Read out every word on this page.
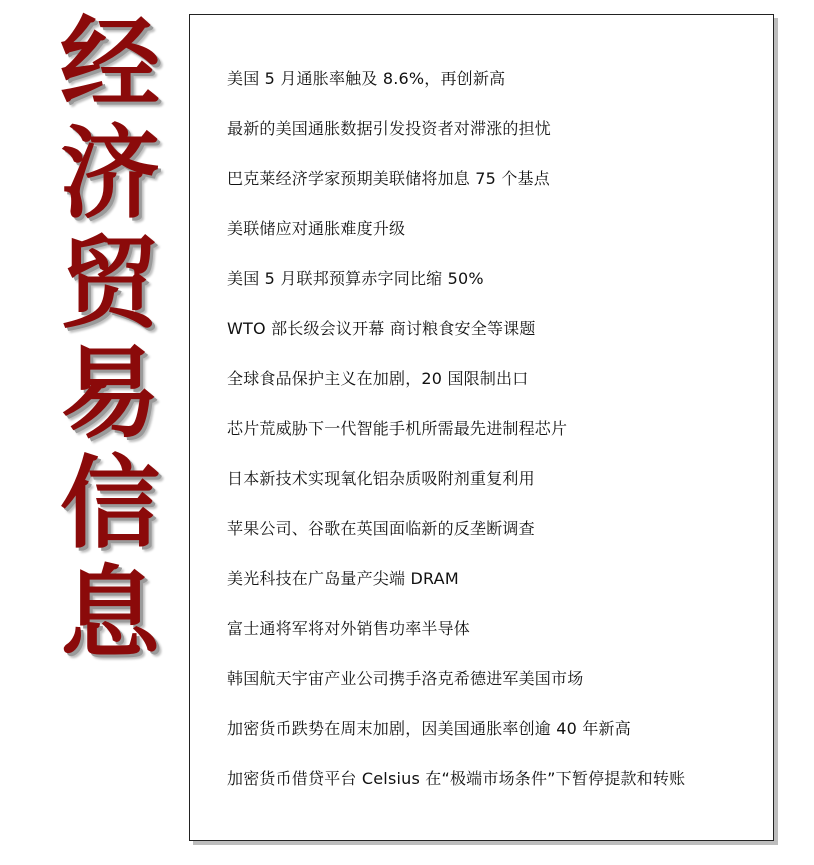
经
济
贸
易
信
息
美国 5 月通胀率触及 8.6%，再创新高
最新的美国通胀数据引发投资者对滞涨的担忧
巴克莱经济学家预期美联储将加息 75 个基点
美联储应对通胀难度升级
美国 5 月联邦预算赤字同比缩 50%
WTO 部长级会议开幕 商讨粮食安全等课题
全球食品保护主义在加剧，20 国限制出口
芯片荒威胁下一代智能手机所需最先进制程芯片
日本新技术实现氧化铝杂质吸附剂重复利用
苹果公司、谷歌在英国面临新的反垄断调查
美光科技在广岛量产尖端 DRAM
富士通将军将对外销售功率半导体
韩国航天宇宙产业公司携手洛克希德进军美国市场
加密货币跌势在周末加剧，因美国通胀率创逾 40 年新高
加密货币借贷平台 Celsius 在“极端市场条件”下暂停提款和转账
